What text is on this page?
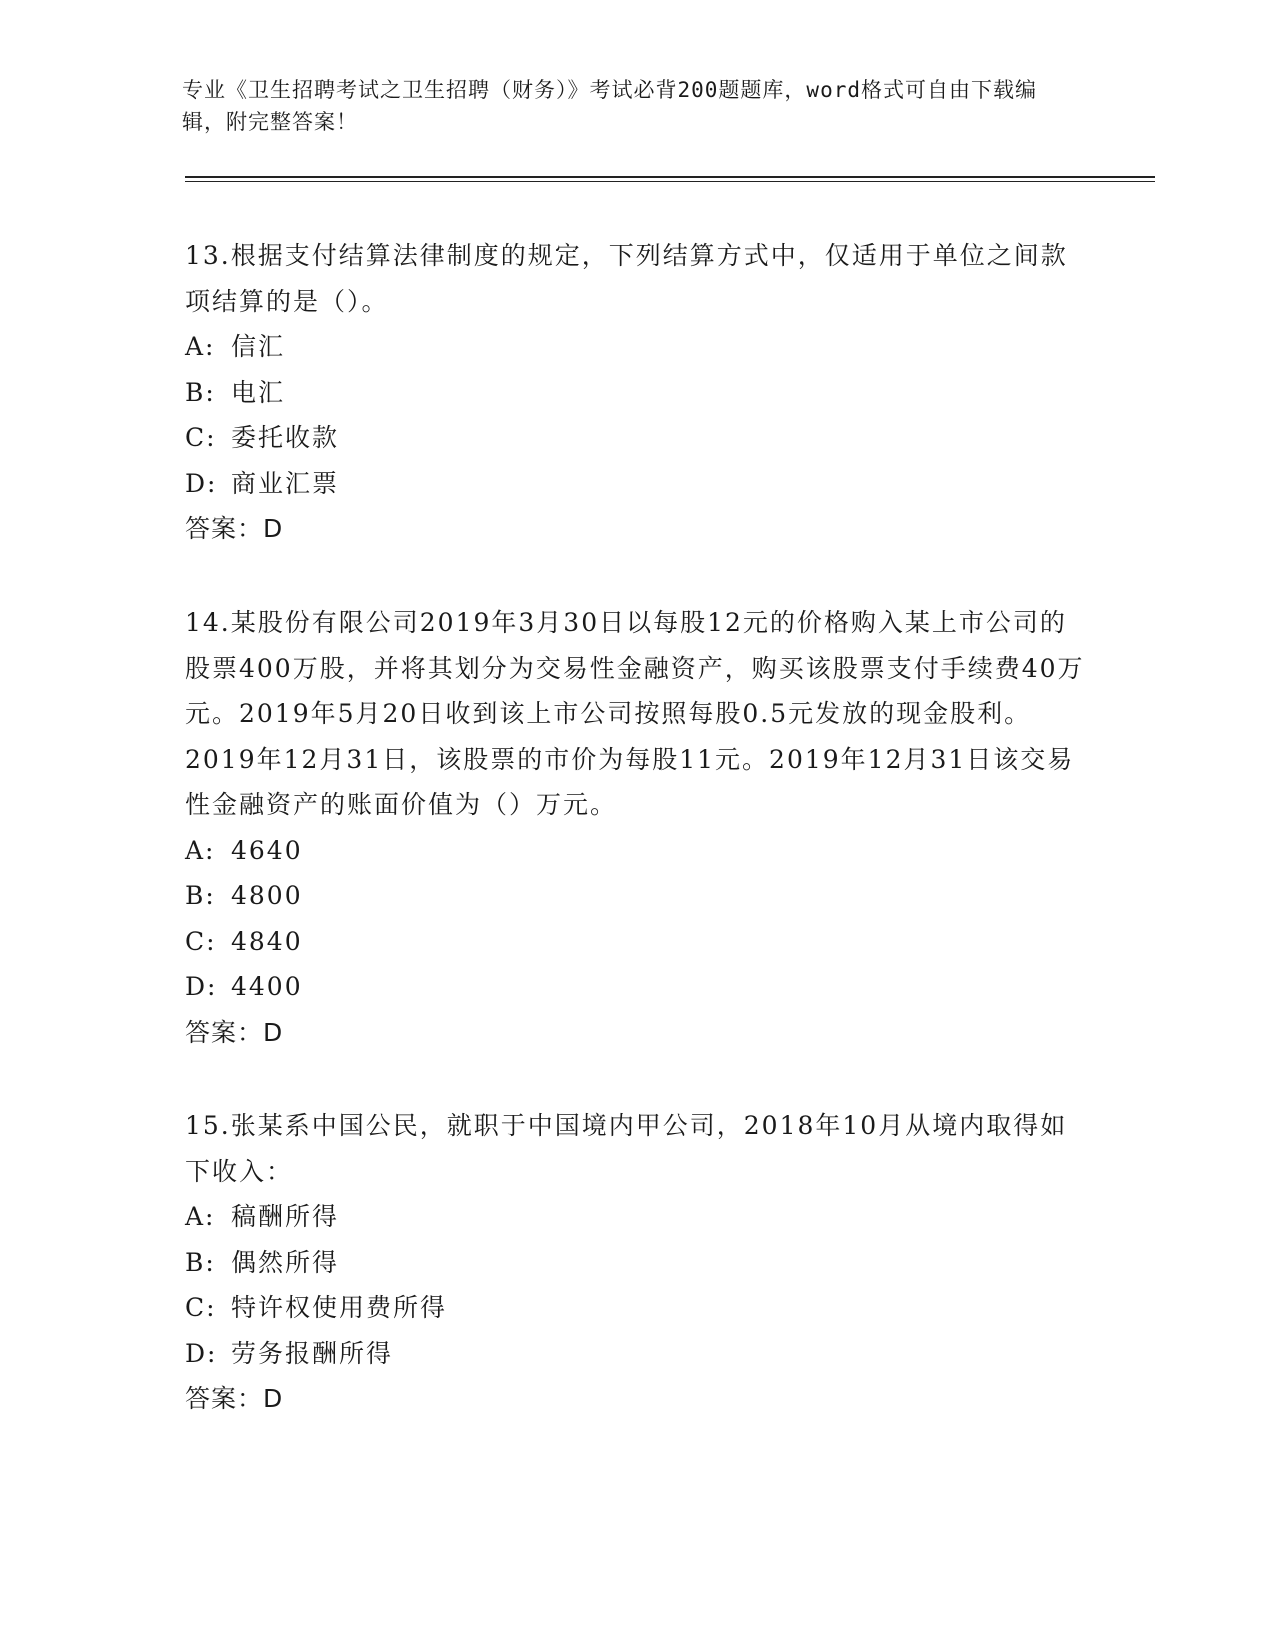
专业《卫生招聘考试之卫生招聘（财务）》考试必背200题题库，word格式可自由下载编辑，附完整答案！
13.根据支付结算法律制度的规定，下列结算方式中，仅适用于单位之间款项结算的是（）。
A: 信汇
B: 电汇
C: 委托收款
D: 商业汇票
答案：D
14.某股份有限公司2019年3月30日以每股12元的价格购入某上市公司的股票400万股，并将其划分为交易性金融资产，购买该股票支付手续费40万元。2019年5月20日收到该上市公司按照每股0.5元发放的现金股利。2019年12月31日，该股票的市价为每股11元。2019年12月31日该交易性金融资产的账面价值为（）万元。
A: 4640
B: 4800
C: 4840
D: 4400
答案：D
15.张某系中国公民，就职于中国境内甲公司，2018年10月从境内取得如下收入：
A: 稿酬所得
B: 偶然所得
C: 特许权使用费所得
D: 劳务报酬所得
答案：D
